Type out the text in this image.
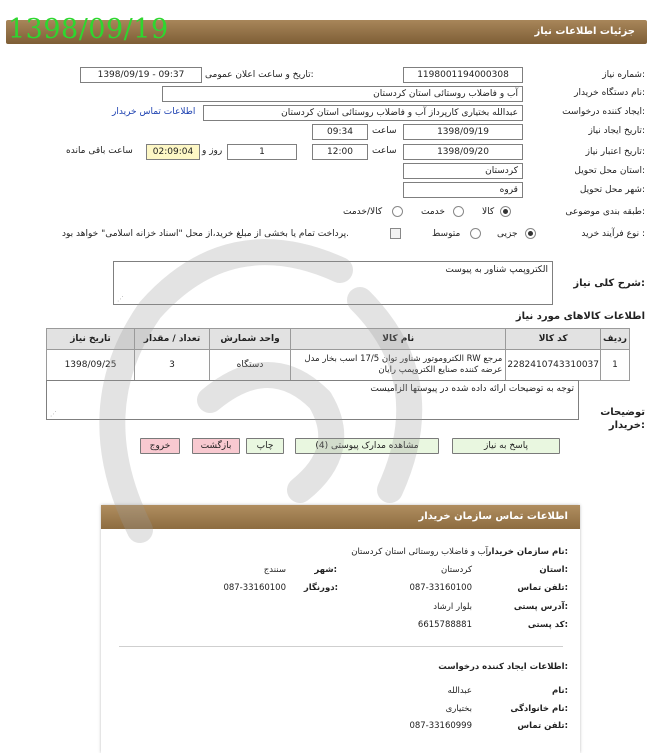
1398/09/19	جزئیات اطلاعات نیاز
شماره نیاز:
1198001194000308
تاریخ و ساعت اعلان عمومی:
1398/09/19 - 09:37
نام دستگاه خریدار:
آب و فاضلاب روستائی استان کردستان
ایجاد کننده درخواست:
عبدالله بختیاری کارپرداز آب و فاضلاب روستائی استان کردستان
اطلاعات تماس خریدار
تاریخ ایجاد نیاز:
1398/09/19
ساعت
09:34
تاریخ اعتبار نیاز:
1398/09/20
ساعت
12:00
1
روز و
02:09:04
ساعت باقی مانده
استان محل تحویل:
کردستان
شهر محل تحویل:
قروه
طبقه بندی موضوعی:
کالا
خدمت
کالا/خدمت
نوع فرآیند خرید :
جزیی
متوسط
پرداخت تمام یا بخشی از مبلغ خرید،از محل "اسناد خزانه اسلامی" خواهد بود.
شرح کلی نیاز:
الکتروپمپ شناور به پیوست
⋰
اطلاعات کالاهای مورد نیاز
تاریخ نیاز	تعداد / مقدار	واحد شمارش	نام کالا	کد کالا	ردیف
1398/09/25	3	دستگاه	الکتروموتور شناور توان 17/5 اسب بخار مدل RW مرجع عرضه کننده صنایع الکتروپمپ رایان	2282410743310037	1
توضیحات خریدار:
توجه به توضیحات ارائه داده شده در پیوستها الزامیست
⋰
پاسخ به نیاز
مشاهده مدارک پیوستی (4)
چاپ
بازگشت
خروج
اطلاعات تماس سازمان خریدار
نام سازمان خریدار:
آب و فاضلاب روستائی استان کردستان
استان:
کردستان
شهر:
سنندج
تلفن تماس:
087-33160100
دورنگار:
087-33160100
آدرس پستی:
بلوار ارشاد
کد پستی:
6615788881
اطلاعات ایجاد کننده درخواست:
نام:
عبدالله
نام خانوادگی:
بختیاری
تلفن تماس:
087-33160999
